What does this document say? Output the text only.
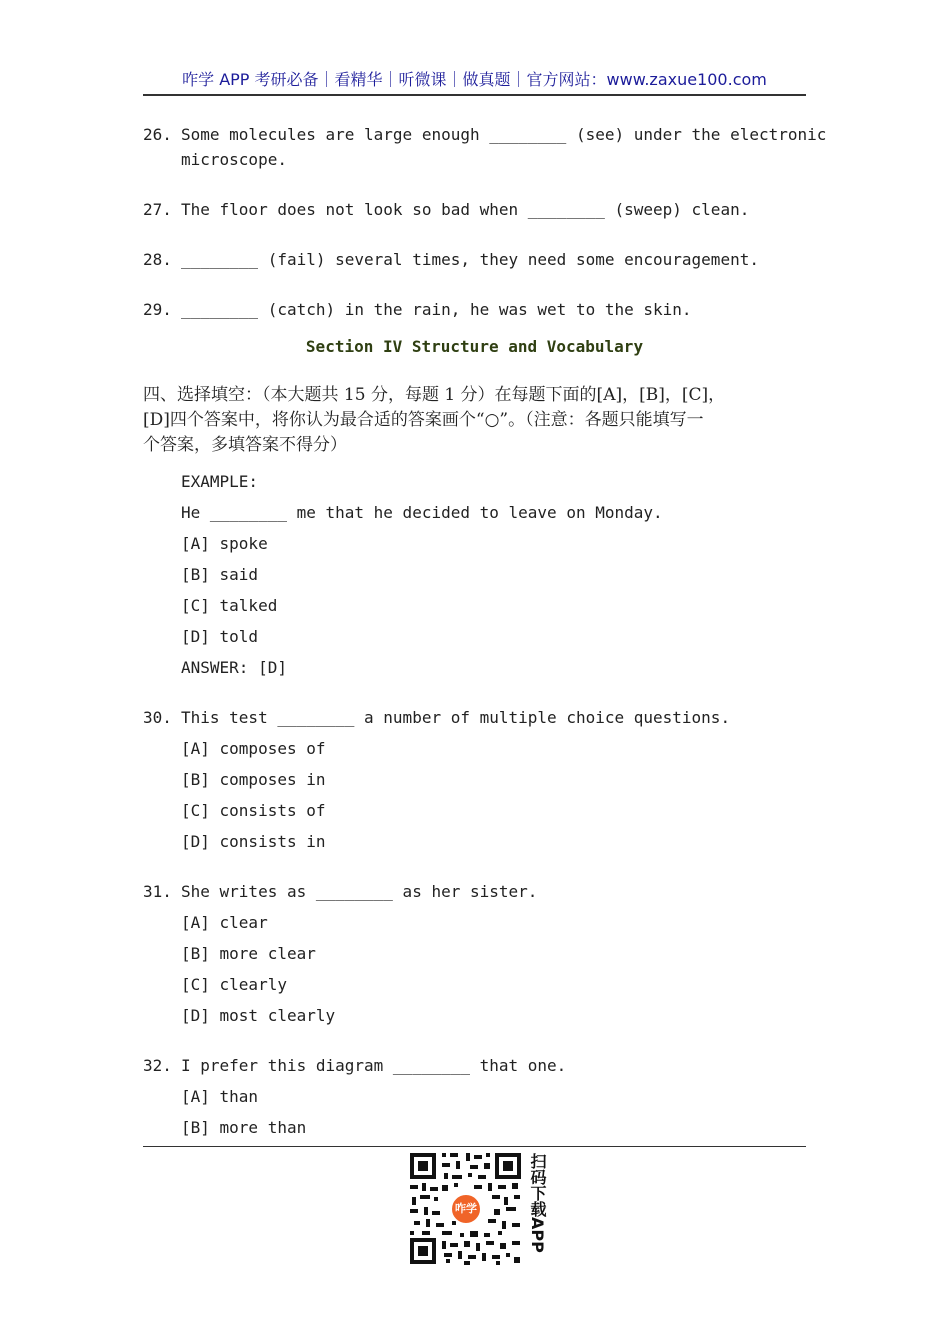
咋学 APP 考研必备｜看精华｜听微课｜做真题｜官方网站：www.zaxue100.com
26. Some molecules are large enough ________ (see) under the electronic
microscope.
27. The floor does not look so bad when ________ (sweep) clean.
28. ________ (fail) several times, they need some encouragement.
29. ________ (catch) in the rain, he was wet to the skin.
Section IV Structure and Vocabulary
四、选择填空：（本大题共 15 分，每题 1 分）在每题下面的[A]，[B]，[C]，
[D]四个答案中，将你认为最合适的答案画个“○”。（注意：各题只能填写一
个答案，多填答案不得分）
EXAMPLE:
He ________ me that he decided to leave on Monday.
[A] spoke
[B] said
[C] talked
[D] told
ANSWER: [D]
30. This test ________ a number of multiple choice questions.
[A] composes of
[B] composes in
[C] consists of
[D] consists in
31. She writes as ________ as her sister.
[A] clear
[B] more clear
[C] clearly
[D] most clearly
32. I prefer this diagram ________ that one.
[A] than
[B] more than
咋学	扫码下载APP
